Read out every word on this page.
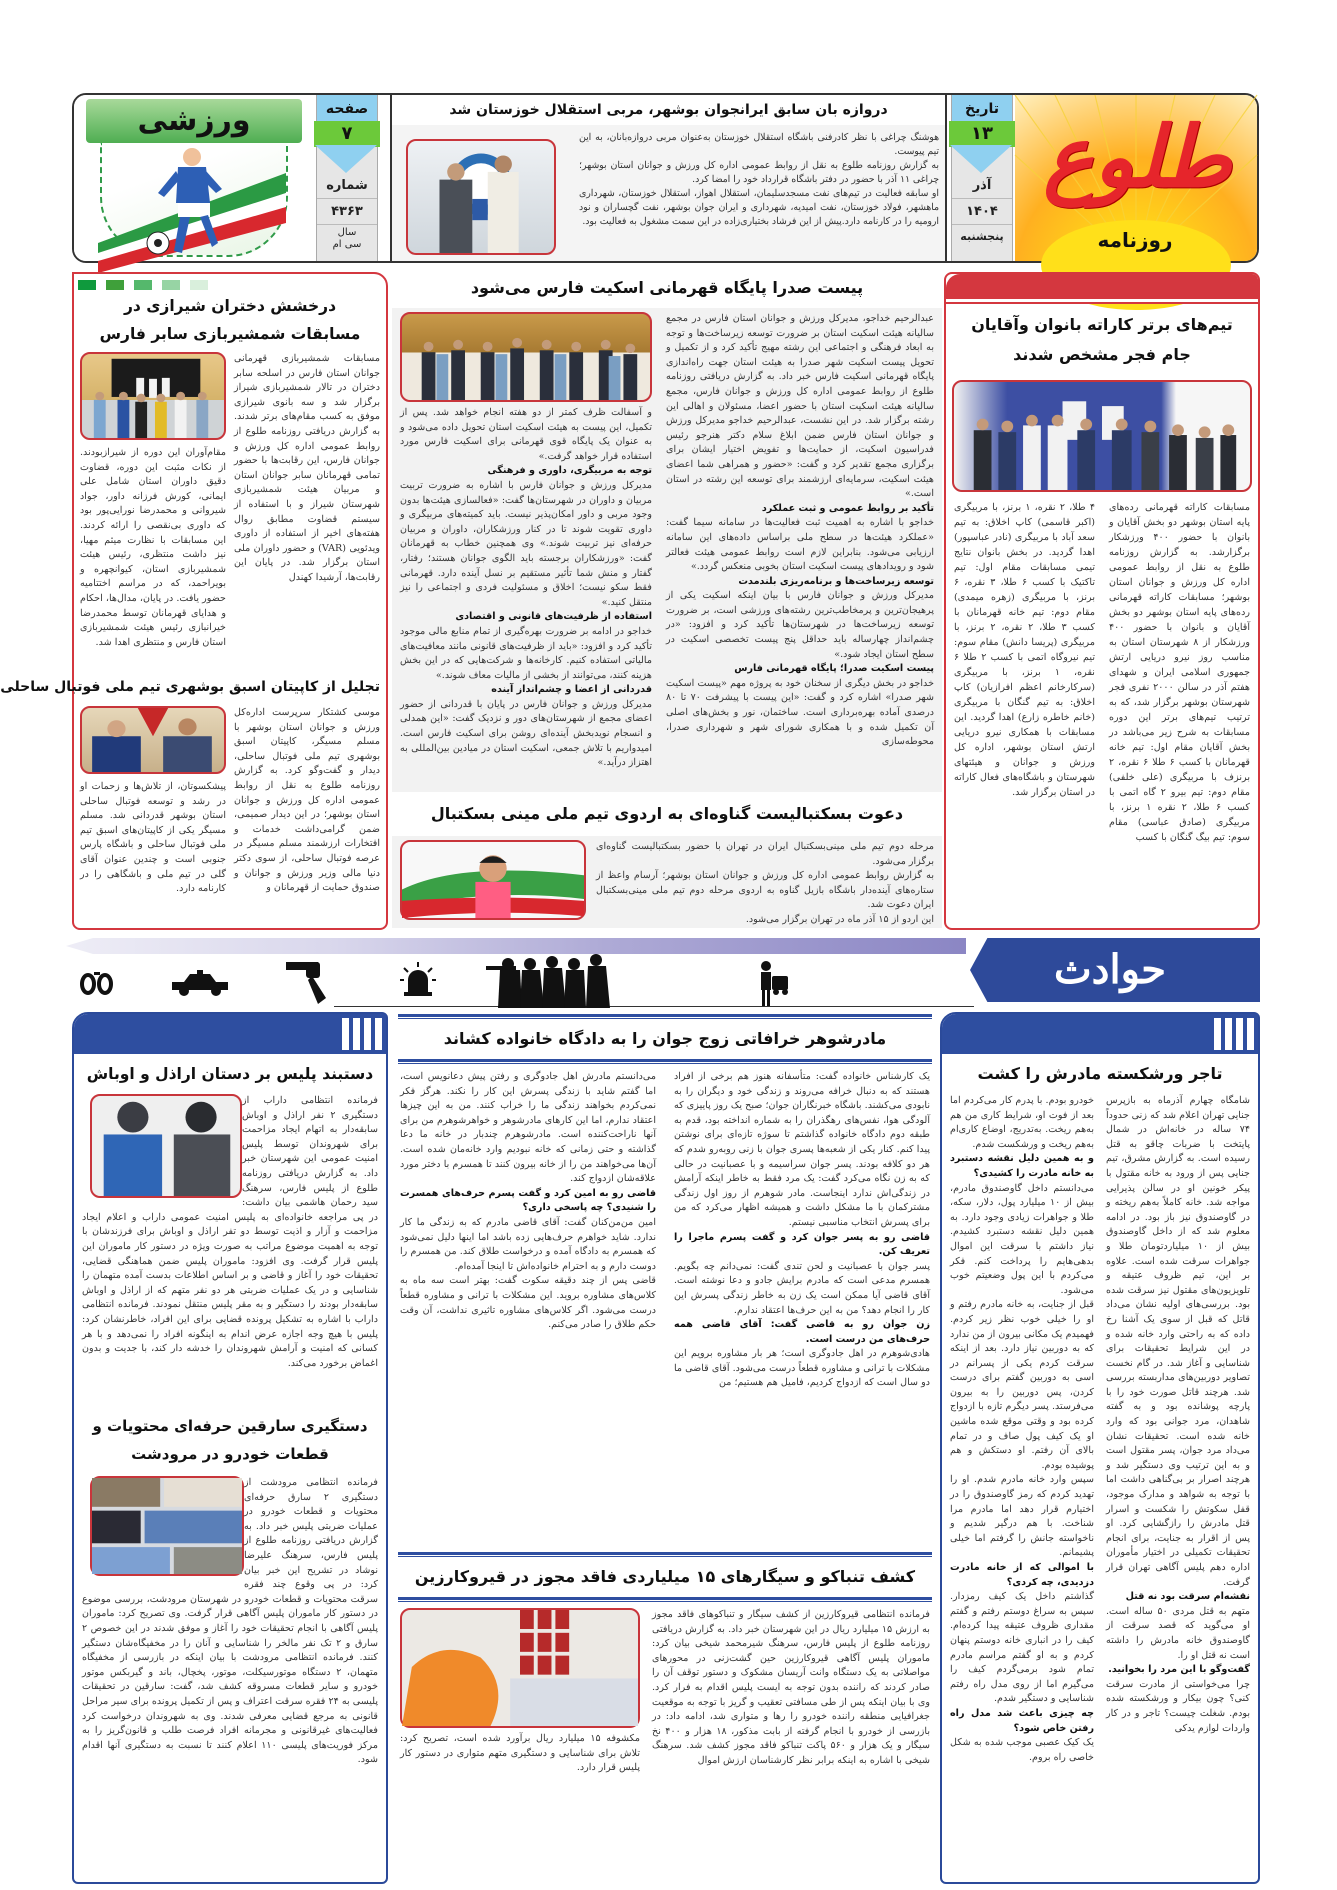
طلوع
روزنامه
تاریخ
۱۳
آذر
۱۴۰۴
پنجشنبه
دروازه بان سابق ایرانجوان بوشهر، مربی استقلال خوزستان شد

هوشنگ چراغی با نظر کادرفنی باشگاه استقلال خوزستان به‌عنوان مربی دروازه‌بانان، به این تیم پیوست.

به گزارش روزنامه طلوع به نقل از روابط عمومی اداره کل ورزش و جوانان استان بوشهر؛ چراغی ۱۱ آذر با حضور در دفتر باشگاه قرارداد خود را امضا کرد.

او سابقه فعالیت در تیم‌های نفت مسجدسلیمان، استقلال اهواز، استقلال خوزستان، شهرداری ماهشهر، فولاد خوزستان، نفت امیدیه، شهرداری و ایران جوان بوشهر، نفت گچساران و نود ارومیه را در کارنامه دارد.پیش از این فرشاد بختیاری‌زاده در این سمت مشغول به فعالیت بود.

صفحه
۷
شماره
۴۳۶۳
سال
سی ام
ورزشی
تیم‌های برتر کاراته بانوان وآقایان جام فجر مشخص شدند
مسابقات کاراته قهرمانی رده‌های پایه استان بوشهر دو بخش آقایان و بانوان با حضور ۴۰۰ ورزشکار برگزارشد. به گزارش روزنامه طلوع به نقل از روابط عمومی اداره کل ورزش و جوانان استان بوشهر؛ مسابقات کاراته قهرمانی رده‌های پایه استان بوشهر دو بخش آقایان و بانوان با حضور ۴۰۰ ورزشکار از ۸ شهرستان استان به مناسب روز نیرو دریایی ارتش جمهوری اسلامی ایران و شهدای هفتم آذر در سالن ۲۰۰۰ نفری فجر شهرستان بوشهر برگزار شد، که به ترتیب تیم‌های برتر این دوره مسابقات به شرح زیر می‌باشد در بخش آقایان مقام اول: تیم خانه قهرمانان با کسب ۶ طلا ۶ نقره، ۲ برنزف با مربیگری (علی خلفی) مقام دوم: تیم بیرو ۲ گاه اتمی با کسب ۶ طلا، ۲ نقره ۱ برنز، با مربیگری (صادق عباسی) مقام سوم: تیم بیگ گنگان با کسب
۴ طلا، ۲ نقره، ۱ برنز، با مربیگری (اکبر قاسمی) کاپ اخلاق: به تیم سعد آباد با مربیگری (نادر عباسپور) اهدا گردید. در بخش بانوان نتایج تیمی مسابقات مقام اول: تیم تاکتیک با کسب ۶ طلا، ۳ نقره، ۶ برنز، با مربیگری (زهره میمدی) مقام دوم: تیم خانه قهرمانان با کسب ۳ طلا، ۲ نقره، ۲ برنز، با مربیگری (پریسا دانش) مقام سوم: تیم نیروگاه اتمی با کسب ۲ طلا ۶ نقره، ۱ برنز، با مربیگری (سرکارخانم اعظم افرازیان) کاپ اخلاق: به تیم گنگان با مربیگری (خانم خاطره زارع) اهدا گردید. این مسابقات با همکاری نیرو دریایی ارتش استان بوشهر، اداره کل ورزش و جوانان و هیئتهای شهرستان و باشگاه‌های فعال کاراته در استان برگزار شد.
پیست صدرا پایگاه قهرمانی اسکیت فارس می‌شود

عبدالرحیم خداجو، مدیرکل ورزش و جوانان استان فارس در مجمع سالیانه هیئت اسکیت استان بر ضرورت توسعه زیرساخت‌ها و توجه به ابعاد فرهنگی و اجتماعی این رشته مهیج تأکید کرد و از تکمیل و تحویل پیست اسکیت شهر صدرا به هیئت استان جهت راه‌اندازی پایگاه قهرمانی اسکیت فارس خبر داد. به گزارش دریافتی روزنامه طلوع از روابط عمومی اداره کل ورزش و جوانان فارس، مجمع سالیانه هیئت اسکیت استان با حضور اعضا، مسئولان و اهالی این رشته برگزار شد. در این نشست، عبدالرحیم خداجو مدیرکل ورزش و جوانان استان فارس ضمن ابلاغ سلام دکتر هنرجو رئیس فدراسیون اسکیت، از حمایت‌ها و تفویض اختیار ایشان برای برگزاری مجمع تقدیر کرد و گفت: «حضور و همراهی شما اعضای هیئت اسکیت، سرمایه‌ای ارزشمند برای توسعه این رشته در استان است.»

تأکید بر روابط عمومی و ثبت عملکرد

خداجو با اشاره به اهمیت ثبت فعالیت‌ها در سامانه سیما گفت: «عملکرد هیئت‌ها در سطح ملی براساس داده‌های این سامانه ارزیابی می‌شود. بنابراین لازم است روابط عمومی هیئت فعالتر شود و رویدادهای پیست اسکیت استان بخوبی منعکس گردد.»

توسعه زیرساخت‌ها و برنامه‌ریزی بلندمدت

مدیرکل ورزش و جوانان فارس با بیان اینکه اسکیت یکی از پرهیجان‌ترین و پرمخاطب‌ترین رشته‌های ورزشی است، بر ضرورت توسعه زیرساخت‌ها در شهرستان‌ها تأکید کرد و افزود: «در چشم‌انداز چهارساله باید حداقل پنج پیست تخصصی اسکیت در سطح استان ایجاد شود.»

پیست اسکیت صدرا؛ پایگاه قهرمانی فارس

خداجو در بخش دیگری از سخنان خود به پروژه مهم «پیست اسکیت شهر صدرا» اشاره کرد و گفت: «این پیست با پیشرفت ۷۰ تا ۸۰ درصدی آماده بهره‌برداری است. ساختمان، نور و بخش‌های اصلی آن تکمیل شده و با همکاری شورای شهر و شهرداری صدرا، محوطه‌سازی

و آسفالت ظرف کمتر از دو هفته انجام خواهد شد. پس از تکمیل، این پیست به هیئت اسکیت استان تحویل داده می‌شود و به عنوان یک پایگاه قوی قهرمانی برای اسکیت فارس مورد استفاده قرار خواهد گرفت.»

توجه به مربیگری، داوری و فرهنگی

مدیرکل ورزش و جوانان فارس با اشاره به ضرورت تربیت مربیان و داوران در شهرستان‌ها گفت: «فعالسازی هیئت‌ها بدون وجود مربی و داور امکان‌پذیر نیست. باید کمیته‌های مربیگری و داوری تقویت شوند تا در کنار ورزشکاران، داوران و مربیان حرفه‌ای نیز تربیت شوند.» وی همچنین خطاب به قهرمانان گفت: «ورزشکاران برجسته باید الگوی جوانان هستند؛ رفتار، گفتار و منش شما تأثیر مستقیم بر نسل آینده دارد. قهرمانی فقط سکو نیست؛ اخلاق و مسئولیت فردی و اجتماعی را نیز منتقل کنید.»

استفاده از ظرفیت‌های قانونی و اقتصادی

خداجو در ادامه بر ضرورت بهره‌گیری از تمام منابع مالی موجود تأکید کرد و افزود: «باید از ظرفیت‌های قانونی مانند معافیت‌های مالیاتی استفاده کنیم. کارخانه‌ها و شرکت‌هایی که در این بخش هزینه کنند، می‌توانند از بخشی از مالیات معاف شوند.»

قدردانی از اعضا و چشم‌انداز آینده

مدیرکل ورزش و جوانان فارس در پایان با قدردانی از حضور اعضای مجمع از شهرستان‌های دور و نزدیک گفت: «این همدلی و انسجام نویدبخش آینده‌ای روشن برای اسکیت فارس است. امیدواریم با تلاش جمعی، اسکیت استان در میادین بین‌المللی به اهتزاز درآید.»

دعوت بسکتبالیست گناوه‌ای به اردوی تیم ملی مینی بسکتبال

مرحله دوم تیم ملی مینی‌بسکتبال ایران در تهران با حضور بسکتبالیست گناوه‌ای برگزار می‌شود.

به گزارش روابط عمومی اداره کل ورزش و جوانان استان بوشهر؛ آرسام واعظ از ستاره‌های آینده‌دار باشگاه بازیل گناوه به اردوی مرحله دوم تیم ملی مینی‌بسکتبال ایران دعوت شد.

این اردو از ۱۵ آذر ماه در تهران برگزار می‌شود.

درخشش دختران شیرازی در مسابقات شمشیربازی سابر فارس
مسابقات شمشیربازی قهرمانی جوانان استان فارس در اسلحه سابر دختران در تالار شمشیربازی شیراز برگزار شد و سه بانوی شیرازی موفق به کسب مقام‌های برتر شدند. به گزارش دریافتی روزنامه طلوع از روابط عمومی اداره کل ورزش و جوانان فارس، این رقابت‌ها با حضور تمامی قهرمانان سابر جوانان استان و مربیان هیئت شمشیربازی شهرستان شیراز و با استفاده از سیستم قضاوت مطابق روال هفته‌های اخیر از استفاده از داوری ویدئویی (VAR) و حضور داوران ملی استان برگزار شد. در پایان این رقابت‌ها، آرشیدا کهندل
مقام‌آوران این دوره از شیرازبودند. از نکات مثبت این دوره، قضاوت دقیق داوران استان شامل علی ایمانی، کورش فرزانه داور، جواد شیروانی و محمدرضا نورایی‌پور بود که داوری بی‌نقصی را ارائه کردند. این مسابقات با نظارت میثم مهیا، نیز داشت منتظری، رئیس هیئت شمشیربازی استان، کیوانچهره و بویراحمد، که در مراسم اختتامیه حضور یافت. در پایان، مدال‌ها، احکام و هدایای قهرمانان توسط محمدرضا خیرانبازی رئیس هیئت شمشیربازی استان فارس و منتظری اهدا شد.
تجلیل از کاپیتان اسبق بوشهری تیم ملی فوتبال ساحلی
موسی کشتکار سرپرست اداره‌کل ورزش و جوانان استان بوشهر با مسلم مسیگر، کاپیتان اسبق بوشهری تیم ملی فوتبال ساحلی، دیدار و گفت‌وگو کرد. به گزارش روزنامه طلوع به نقل از روابط عمومی اداره کل ورزش و جوانان استان بوشهر؛ در این دیدار صمیمی، ضمن گرامی‌داشت خدمات و افتخارات ارزشمند مسلم مسیگر در عرصه فوتبال ساحلی، از سوی دکتر دنیا مالی وزیر ورزش و جوانان و صندوق حمایت از قهرمانان و
پیشکسوتان، از تلاش‌ها و زحمات او در رشد و توسعه فوتبال ساحلی استان بوشهر قدردانی شد. مسلم مسیگر یکی از کاپیتان‌های اسبق تیم ملی فوتبال ساحلی و باشگاه پارس جنوبی است و چندین عنوان آقای گلی در تیم ملی و باشگاهی را در کارنامه دارد.
حوادث
تاجر ورشکسته مادرش را کشت

شامگاه چهارم آذرماه به بازپرس جنایی تهران اعلام شد که زنی حدوداً ۷۴ ساله در خانه‌اش در شمال پایتخت با ضربات چاقو به قتل رسیده است. به گزارش مشرق، تیم جنایی پس از ورود به خانه مقتول با پیکر خونین او در سالن پذیرایی مواجه شد. خانه کاملاً به‌هم ریخته و در گاوصندوق نیز باز بود. در ادامه معلوم شد که از داخل گاوصندوق بیش از ۱۰ میلیاردتومان طلا و جواهرات سرقت شده است. علاوه بر این، تیم ظروف عتیقه و تلویزیون‌های مقتول نیز سرقت شده بود. بررسی‌های اولیه نشان می‌داد قاتل که قبل از سوی یک آشنا رخ داده که به راحتی وارد خانه شده و در این شرایط تحقیقات برای شناسایی و آغاز شد. در گام نخست تصاویر دوربین‌های مداربسته بررسی شد. هرچند قاتل صورت خود را با پارچه پوشانده بود و به گفته شاهدان، مرد جوانی بود که وارد خانه شده است. تحقیقات نشان می‌داد مرد جوان، پسر مقتول است و به این ترتیب وی دستگیر شد و هرچند اصرار بر بی‌گناهی داشت اما با توجه به شواهد و مدارک موجود، قفل سکوتش را شکست و اسرار قتل مادرش را رازگشایی کرد. او پس از اقرار به جنایت، برای انجام تحقیقات تکمیلی در اختیار مأموران اداره دهم پلیس آگاهی تهران قرار گرفت.

نقشه‌ام سرقت بود نه قتل

متهم به قتل مردی ۵۰ ساله است. او می‌گوید که قصد سرقت از گاوصندوق خانه مادرش را داشته است نه قتل او را.

گفت‌وگو با این مرد را بخوانید.

چرا می‌خواستی از مادرت سرقت کنی؟ چون بیکار و ورشکسته شده بودم. شغلت چیست؟ تاجر و در کار واردات لوازم یدکی

خودرو بودم. با پدرم کار می‌کردم اما بعد از فوت او، شرایط کاری من هم به‌هم ریخت. به‌تدریج، اوضاع کاری‌ام به‌هم ریخت و ورشکست شدم.

و به همین دلیل نقشه دستبرد به خانه مادرت را کشیدی؟

می‌دانستم داخل گاوصندوق مادرم، بیش از ۱۰ میلیارد پول، دلار، سکه، طلا و جواهرات زیادی وجود دارد. به همین دلیل نقشه دستبرد کشیدم. نیاز داشتم با سرقت این اموال بدهی‌هایم را پرداخت کنم. فکر می‌کردم با این پول وضعیتم خوب می‌شود.

قبل از جنایت، به خانه مادرم رفتم و او را خیلی خوب نظر زیر کردم. فهمیدم یک مکانی بیرون از من ندارد که به دوربین نیاز دارد. بعد از اینکه سرقت کردم یکی از پسرانم در اسی به دوربین گفتم برای درست کردن، پس دوربین را به بیرون می‌فرستد. پسر دیگرم تازه با ازدواج کرده بود و وقتی موقع شده ماشین او یک کیف پول صاف و در تمام بالای آن رفتم. او دستکش و هم پوشیده بودم.

سپس وارد خانه مادرم شدم. او را تهدید کردم که رمز گاوصندوق را در اختیارم قرار دهد اما مادرم مرا شناخت. با هم درگیر شدیم و ناخواسته جانش را گرفتم اما خیلی پشیمانم.

با اموالی که از خانه مادرت دزدیدی، چه کردی؟

گذاشتم داخل یک کیف رمزدار. سپس به سراغ دوستم رفتم و گفتم مقداری ظروف عتیقه پیدا کرده‌ام. کیف را در انباری خانه دوستم پنهان کردم و به او گفتم مراسم مادرم تمام شود برمی‌گردم کیف را می‌گیرم اما از روی مدل راه رفتم شناسایی و دستگیر شدم.

چه چیزی باعث شد مدل راه رفتن خاص شود؟

یک کیک عصبی موجب شده به شکل خاصی راه بروم.

مادرشوهر خرافاتی زوج جوان را به دادگاه خانواده کشاند

یک کارشناس خانواده گفت: متأسفانه هنوز هم برخی از افراد هستند که به دنبال خرافه می‌روند و زندگی خود و دیگران را به نابودی می‌کشند. باشگاه خبرنگاران جوان؛ صبح یک روز پاییزی که آلودگی هوا، نفس‌های رهگذران را به شماره انداخته بود، قدم به طبقه دوم دادگاه خانواده گذاشتم تا سوژه تازه‌ای برای نوشتن پیدا کنم. کنار یکی از شعبه‌ها پسری جوان با زنی روبه‌رو شدم که هر دو کلافه بودند. پسر جوان سراسیمه و با عصبانیت در حالی که به زن نگاه می‌کرد گفت: یک مرد فقط به خاطر اینکه آرامش در زندگی‌اش ندارد اینجاست. مادر شوهرم از روز اول زندگی مشترکمان با ما مشکل داشت و همیشه اظهار می‌کرد که من برای پسرش انتخاب مناسبی نیستم.

قاضی رو به پسر جوان کرد و گفت پسرم ماجرا را تعریف کن.

پسر جوان با عصبانیت و لحن تندی گفت: نمی‌دانم چه بگویم. همسرم مدعی است که مادرم برایش جادو و دعا نوشته است. آقای قاضی آیا ممکن است یک زن به خاطر زندگی پسرش این کار را انجام دهد؟ من به این حرف‌ها اعتقاد ندارم.

زن جوان رو به قاضی گفت: آقای قاضی همه حرف‌های من درست است.

هادی‌شوهرم در اهل جادوگری است؛ هر بار مشاوره برویم این مشکلات با ترانی و مشاوره قطعاً درست می‌شود. آقای قاضی ما دو سال است که ازدواج کردیم، فامیل هم هستیم؛ من

می‌دانستم مادرش اهل جادوگری و رفتن پیش دعانویس است، اما گفتم شاید با زندگی پسرش این کار را نکند. هرگز فکر نمی‌کردم بخواهند زندگی ما را خراب کنند. من به این چیزها اعتقاد ندارم، اما این کارهای مادرشوهر و خواهرشوهرم من برای آنها ناراحت‌کننده است. مادرشوهرم چندبار در خانه ما دعا گذاشته و حتی زمانی که خانه نبودیم وارد خانه‌مان شده است. آن‌ها می‌خواهند من را از خانه بیرون کنند تا همسرم با دختر مورد علاقه‌شان ازدواج کند.

قاضی رو به امین کرد و گفت پسرم حرف‌های همسرت را شنیدی؟ چه پاسخی داری؟

امین من‌من‌کنان گفت: آقای قاضی مادرم که به زندگی ما کار ندارد. شاید خواهرم حرف‌هایی زده باشد اما اینها دلیل نمی‌شود که همسرم به دادگاه آمده و درخواست طلاق کند. من همسرم را دوست دارم و به احترام خانواده‌اش تا اینجا آمده‌ام.

قاضی پس از چند دقیقه سکوت گفت: بهتر است سه ماه به کلاس‌های مشاوره بروید. این مشکلات با ترانی و مشاوره قطعاً درست می‌شود. اگر کلاس‌های مشاوره تاثیری نداشت، آن وقت حکم طلاق را صادر می‌کنم.

کشف تنباکو و سیگارهای ۱۵ میلیاردی فاقد مجوز در قیروکارزین
فرمانده انتظامی قیروکارزین از کشف سیگار و تنباکوهای فاقد مجوز به ارزش ۱۵ میلیارد ریال در این شهرستان خبر داد. به گزارش دریافتی روزنامه طلوع از پلیس فارس، سرهنگ شیرمحمد شیخی بیان کرد: ماموران پلیس آگاهی قیروکارزین حین گشت‌زنی در محورهای مواصلاتی به یک دستگاه وانت آریسان مشکوک و دستور توقف آن را صادر کردند که راننده بدون توجه به ایست پلیس اقدام به فرار کرد. وی با بیان اینکه پس از طی مسافتی تعقیب و گریز با توجه به موقعیت جغرافیایی منطقه راننده خودرو را رها و متواری شد، ادامه داد: در بازرسی از خودرو با انجام گرفته از بابت مذکور، ۱۸ هزار و ۴۰۰ نخ سیگار و یک هزار و ۵۶۰ پاکت تنباکو فاقد مجوز کشف شد. سرهنگ شیخی با اشاره به اینکه برابر نظر کارشناسان ارزش اموال
مکشوفه ۱۵ میلیارد ریال برآورد شده است، تصریح کرد: تلاش برای شناسایی و دستگیری متهم متواری در دستور کار پلیس قرار دارد.
دستبند پلیس بر دستان اراذل و اوباش
فرمانده انتظامی داراب از دستگیری ۲ نفر اراذل و اوباش سابقه‌دار به اتهام ایجاد مزاحمت برای شهروندان توسط پلیس امنیت عمومی این شهرستان خبر داد. به گزارش دریافتی روزنامه طلوع از پلیس فارس، سرهنگ سید رحمان هاشمی بیان داشت: در پی مراجعه خانواده‌ای به پلیس امنیت عمومی داراب و اعلام ایجاد مزاحمت و آزار و اذیت توسط دو تفر اراذل و اوباش برای فرزندشان با توجه به اهمیت موضوع مراتب به صورت ویژه در دستور کار ماموران این پلیس قرار گرفت. وی افزود: ماموران پلیس ضمن هماهنگی قضایی، تحقیقات خود را آغاز و قاضی و بر اساس اطلاعات بدست آمده متهمان را شناسایی و در یک عملیات ضربتی هر دو نفر متهم که از اراذل و اوباش سابقه‌دار بودند را دستگیر و به مقر پلیس منتقل نمودند. فرمانده انتظامی داراب با اشاره به تشکیل پرونده قضایی برای این افراد، خاطرنشان کرد: پلیس با هیچ وجه اجازه عرض اندام به اینگونه افراد را نمی‌دهد و با هر کسانی که امنیت و آرامش شهروندان را خدشه دار کند، با جدیت و بدون اغماض برخورد می‌کند.
دستگیری سارقین حرفه‌ای محتویات و قطعات خودرو در مرودشت
فرمانده انتظامی مرودشت از دستگیری ۲ سارق حرفه‌ای محتویات و قطعات خودرو در عملیات ضربتی پلیس خبر داد. به گزارش دریافتی روزنامه طلوع از پلیس فارس، سرهنگ علیرضا نوشاد در تشریح این خبر بیان کرد: در پی وقوع چند فقره سرقت محتویات و قطعات خودرو در شهرستان مرودشت، بررسی موضوع در دستور کار ماموران پلیس آگاهی قرار گرفت. وی تصریح کرد: ماموران پلیس آگاهی با انجام تحقیقات خود را آغاز و موفق شدند در این خصوص ۲ سارق و ۲ تک نفر مالخر را شناسایی و آنان را در مخفیگاه‌شان دستگیر کنند. فرمانده انتظامی مرودشت با بیان اینکه در بازرسی از مخفیگاه متهمان، ۲ دستگاه موتورسیکلت، موتور، پخچال، باند و گیربکس موتور خودرو و سایر قطعات مسروقه کشف شد، گفت: سارقین در تحقیقات پلیسی به ۲۴ فقره سرقت اعتراف و پس از تکمیل پرونده برای سیر مراحل قانونی به مرجع قضایی معرفی شدند. وی به شهروندان درخواست کرد فعالیت‌های غیرقانونی و مجرمانه افراد فرصت طلب و قانون‌گریز را به مرکز فوریت‌های پلیسی ۱۱۰ اعلام کنند تا نسبت به دستگیری آنها اقدام شود.
